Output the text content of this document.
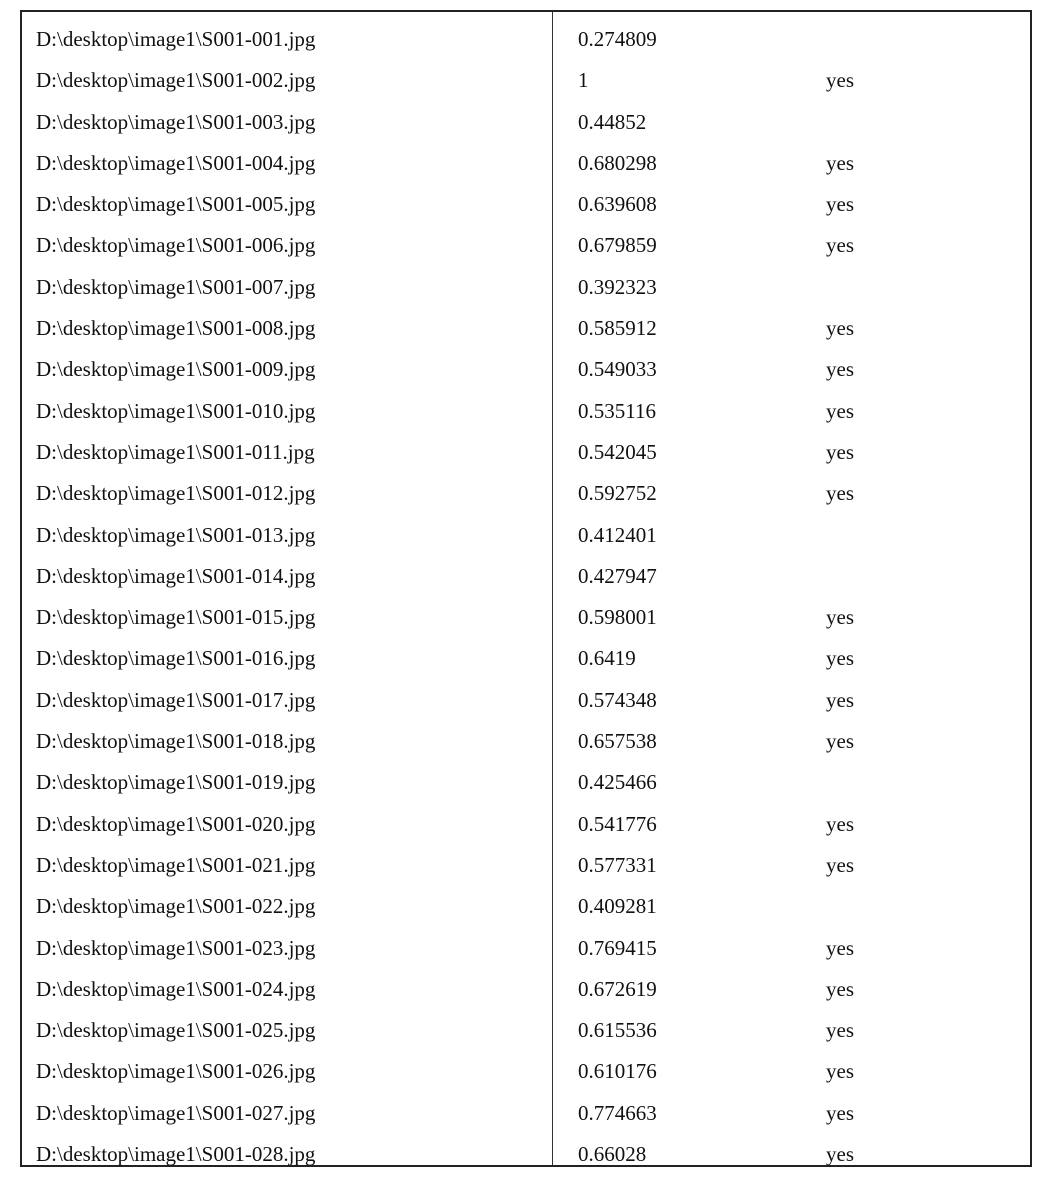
D:\desktop\image1\S001-001.jpg	0.274809
D:\desktop\image1\S001-002.jpg	1	yes
D:\desktop\image1\S001-003.jpg	0.44852
D:\desktop\image1\S001-004.jpg	0.680298	yes
D:\desktop\image1\S001-005.jpg	0.639608	yes
D:\desktop\image1\S001-006.jpg	0.679859	yes
D:\desktop\image1\S001-007.jpg	0.392323
D:\desktop\image1\S001-008.jpg	0.585912	yes
D:\desktop\image1\S001-009.jpg	0.549033	yes
D:\desktop\image1\S001-010.jpg	0.535116	yes
D:\desktop\image1\S001-011.jpg	0.542045	yes
D:\desktop\image1\S001-012.jpg	0.592752	yes
D:\desktop\image1\S001-013.jpg	0.412401
D:\desktop\image1\S001-014.jpg	0.427947
D:\desktop\image1\S001-015.jpg	0.598001	yes
D:\desktop\image1\S001-016.jpg	0.6419	yes
D:\desktop\image1\S001-017.jpg	0.574348	yes
D:\desktop\image1\S001-018.jpg	0.657538	yes
D:\desktop\image1\S001-019.jpg	0.425466
D:\desktop\image1\S001-020.jpg	0.541776	yes
D:\desktop\image1\S001-021.jpg	0.577331	yes
D:\desktop\image1\S001-022.jpg	0.409281
D:\desktop\image1\S001-023.jpg	0.769415	yes
D:\desktop\image1\S001-024.jpg	0.672619	yes
D:\desktop\image1\S001-025.jpg	0.615536	yes
D:\desktop\image1\S001-026.jpg	0.610176	yes
D:\desktop\image1\S001-027.jpg	0.774663	yes
D:\desktop\image1\S001-028.jpg	0.66028	yes
